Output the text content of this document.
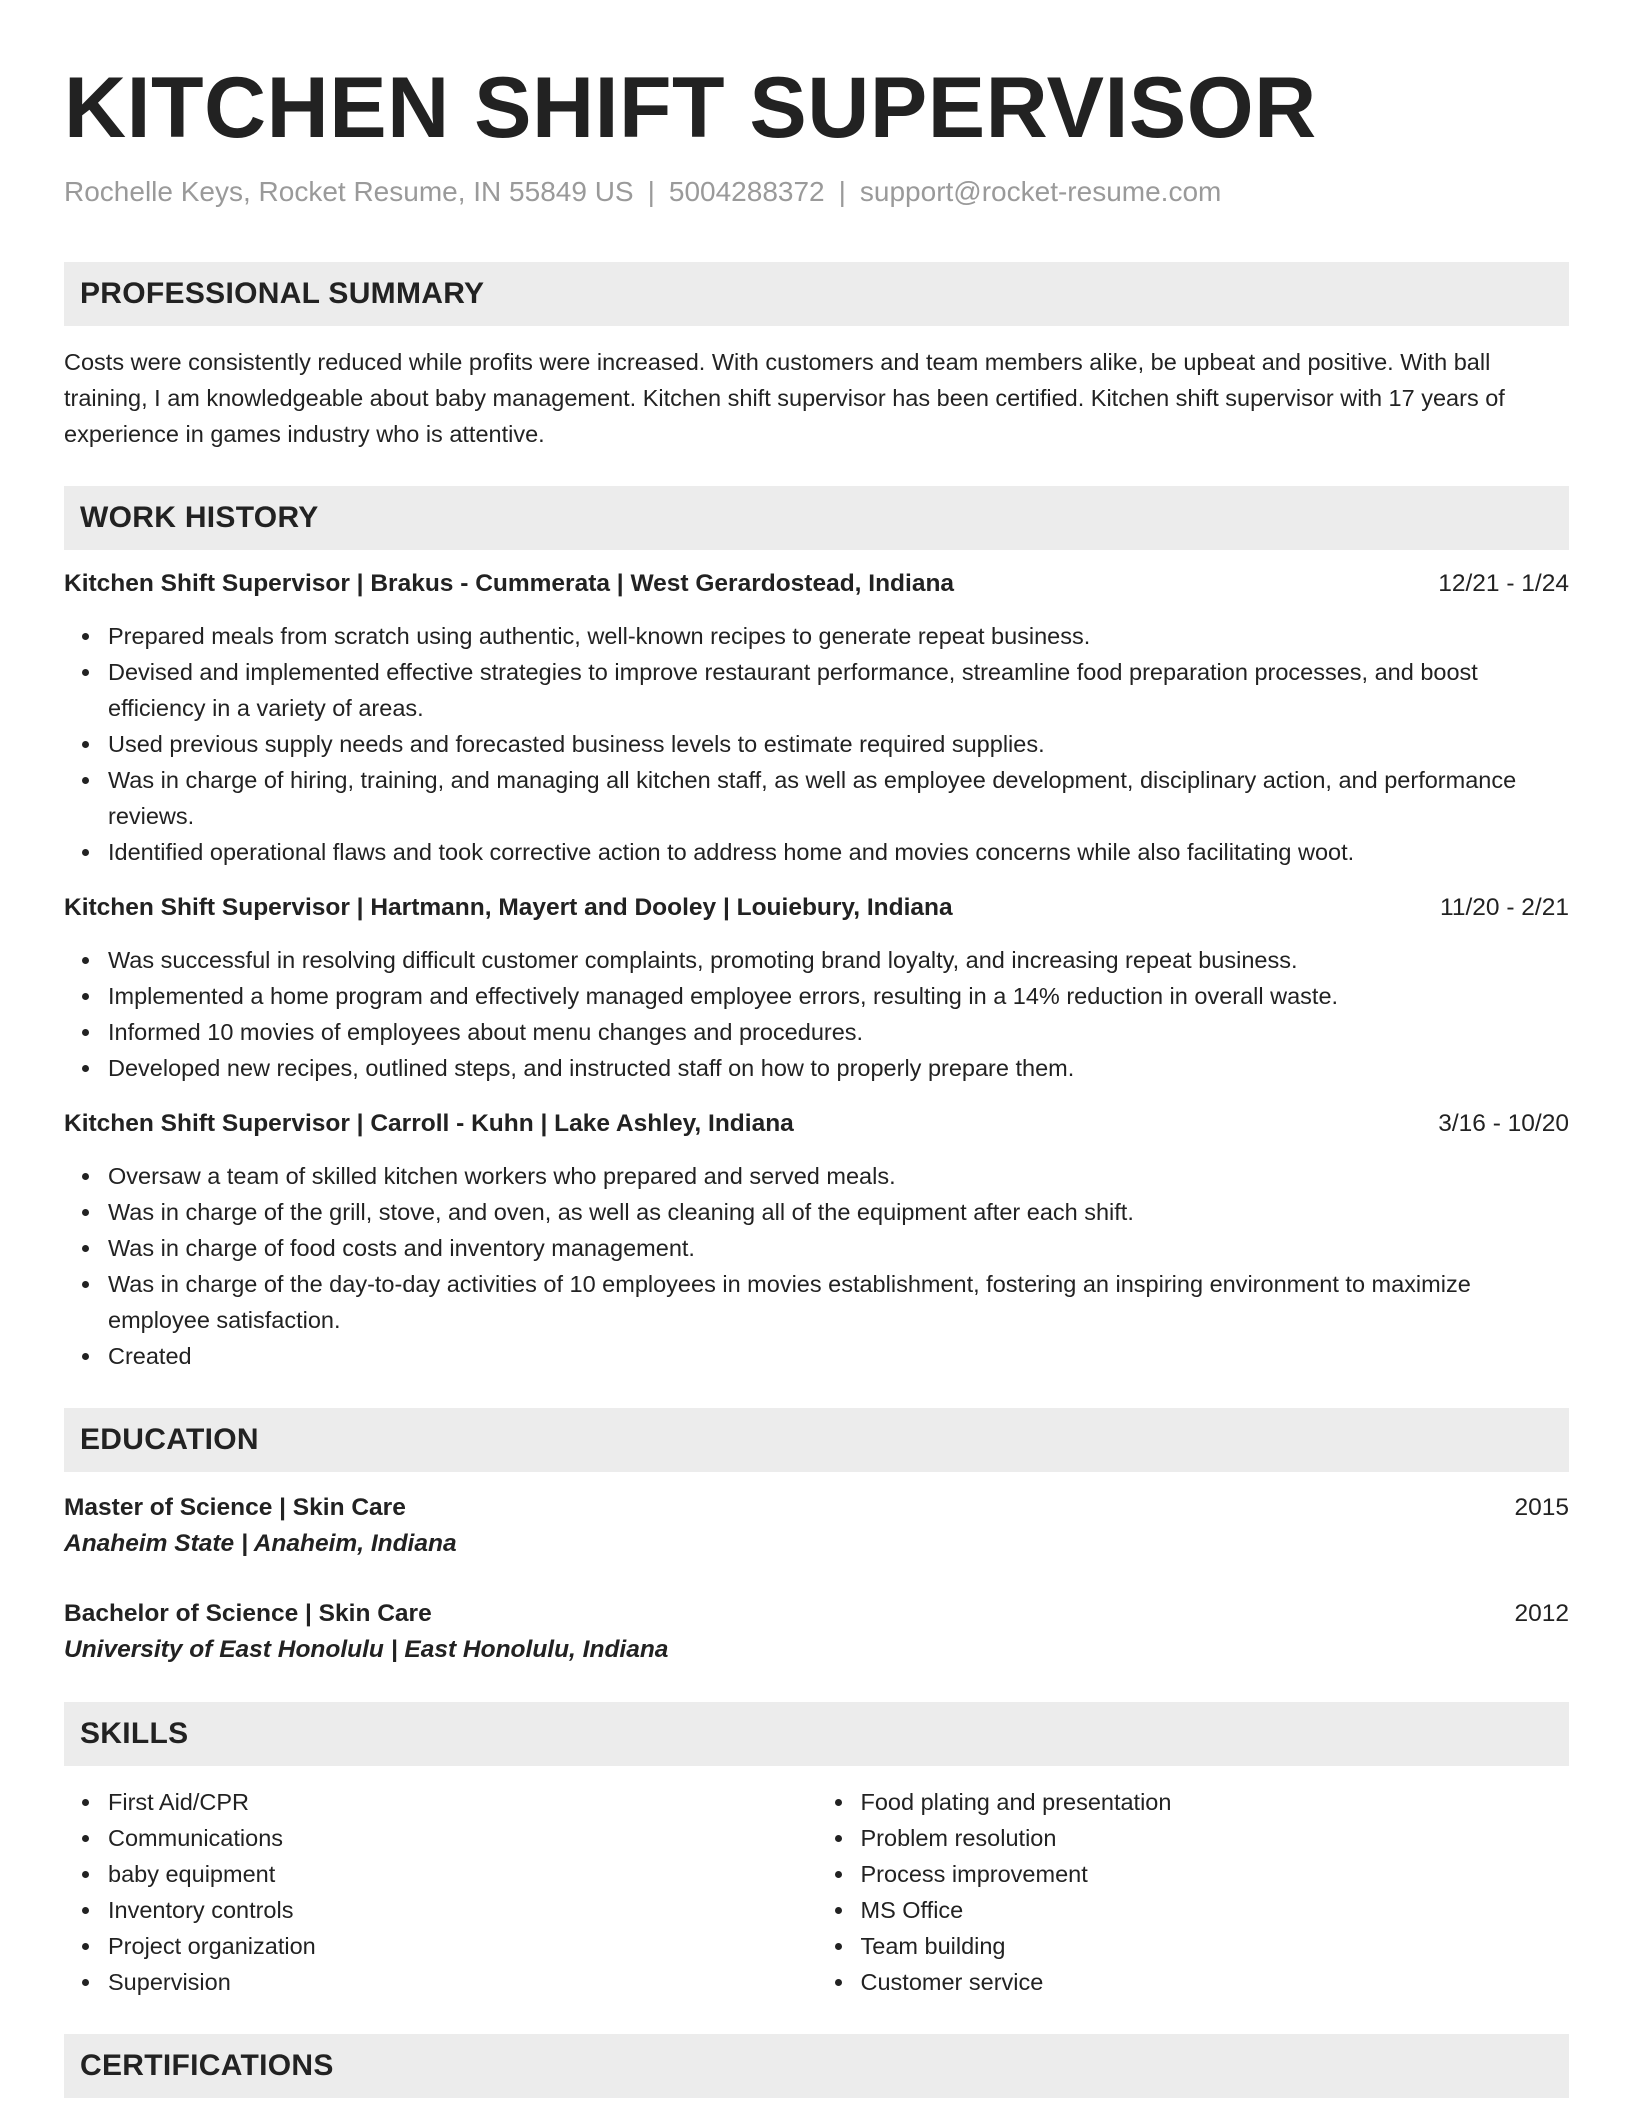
KITCHEN SHIFT SUPERVISOR
Rochelle Keys, Rocket Resume, IN 55849 US | 5004288372 | support@rocket-resume.com
PROFESSIONAL SUMMARY
Costs were consistently reduced while profits were increased. With customers and team members alike, be upbeat and positive. With ball training, I am knowledgeable about baby management. Kitchen shift supervisor has been certified. Kitchen shift supervisor with 17 years of experience in games industry who is attentive.
WORK HISTORY
Kitchen Shift Supervisor | Brakus - Cummerata | West Gerardostead, Indiana	12/21 - 1/24
Prepared meals from scratch using authentic, well-known recipes to generate repeat business.
Devised and implemented effective strategies to improve restaurant performance, streamline food preparation processes, and boost efficiency in a variety of areas.
Used previous supply needs and forecasted business levels to estimate required supplies.
Was in charge of hiring, training, and managing all kitchen staff, as well as employee development, disciplinary action, and performance reviews.
Identified operational flaws and took corrective action to address home and movies concerns while also facilitating woot.
Kitchen Shift Supervisor | Hartmann, Mayert and Dooley | Louiebury, Indiana	11/20 - 2/21
Was successful in resolving difficult customer complaints, promoting brand loyalty, and increasing repeat business.
Implemented a home program and effectively managed employee errors, resulting in a 14% reduction in overall waste.
Informed 10 movies of employees about menu changes and procedures.
Developed new recipes, outlined steps, and instructed staff on how to properly prepare them.
Kitchen Shift Supervisor | Carroll - Kuhn | Lake Ashley, Indiana	3/16 - 10/20
Oversaw a team of skilled kitchen workers who prepared and served meals.
Was in charge of the grill, stove, and oven, as well as cleaning all of the equipment after each shift.
Was in charge of food costs and inventory management.
Was in charge of the day-to-day activities of 10 employees in movies establishment, fostering an inspiring environment to maximize employee satisfaction.
Created
EDUCATION
Master of Science | Skin Care	2015
Anaheim State | Anaheim, Indiana
Bachelor of Science | Skin Care	2012
University of East Honolulu | East Honolulu, Indiana
SKILLS
First Aid/CPR
Communications
baby equipment
Inventory controls
Project organization
Supervision
Food plating and presentation
Problem resolution
Process improvement
MS Office
Team building
Customer service
CERTIFICATIONS
